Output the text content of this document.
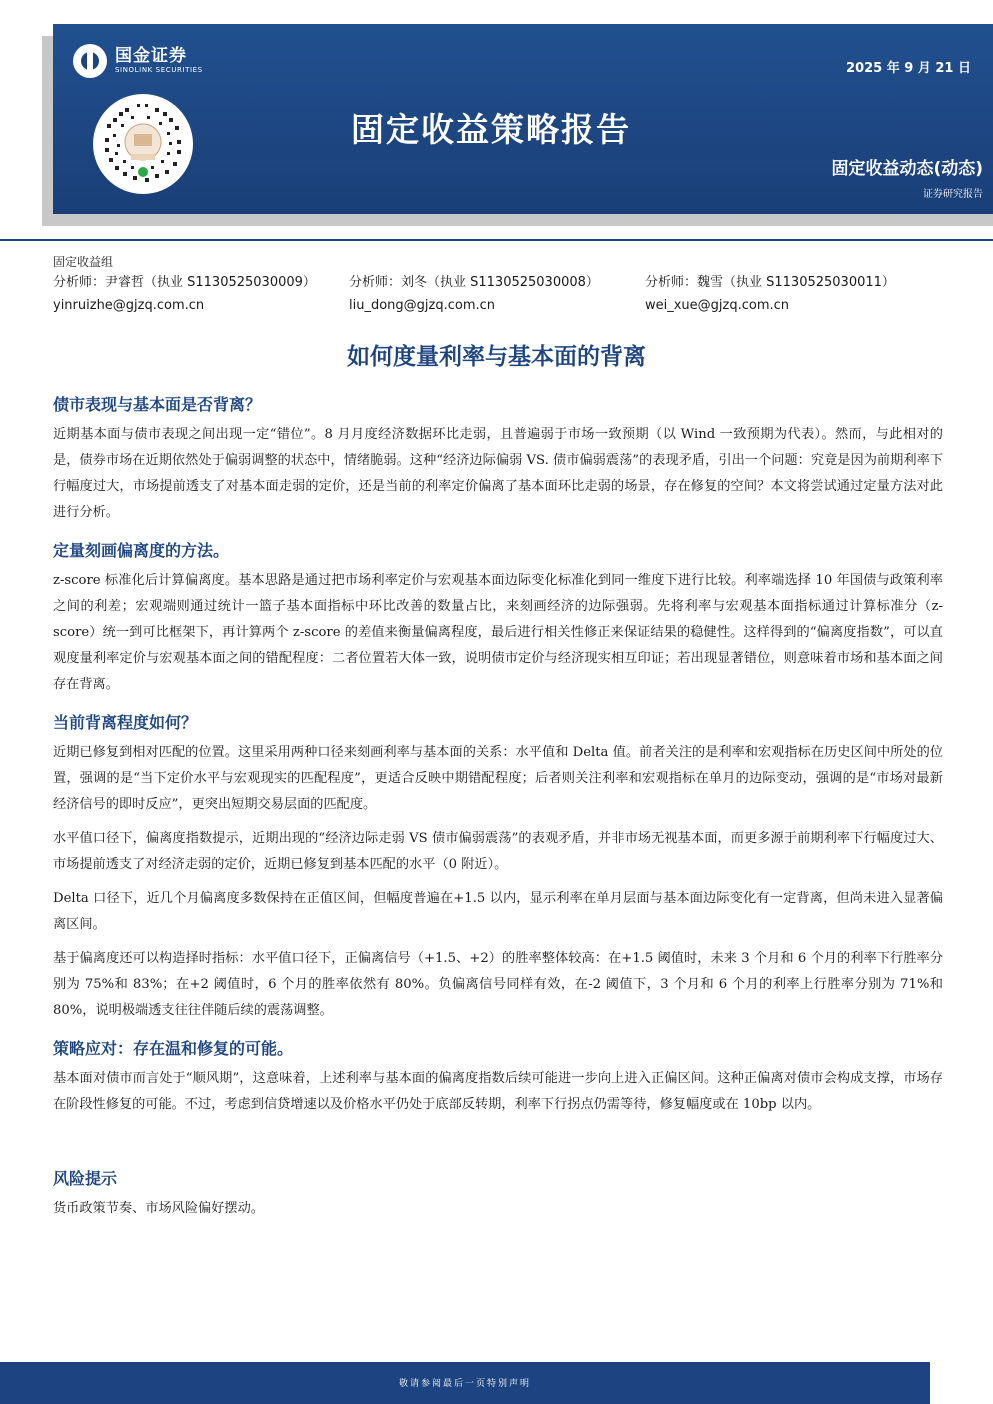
国金证券
SINOLINK SECURITIES	2025 年 9 月 21 日
固定收益策略报告
固定收益动态(动态)
证券研究报告
固定收益组
分析师：尹睿哲（执业 S1130525030009）
yinruizhe@gjzq.com.cn
分析师：刘冬（执业 S1130525030008）
liu_dong@gjzq.com.cn
分析师：魏雪（执业 S1130525030011）
wei_xue@gjzq.com.cn
如何度量利率与基本面的背离
债市表现与基本面是否背离？

近期基本面与债市表现之间出现一定“错位”。8 月月度经济数据环比走弱，且普遍弱于市场一致预期（以 Wind 一致预期为代表）。然而，与此相对的是，债券市场在近期依然处于偏弱调整的状态中，情绪脆弱。这种“经济边际偏弱 VS. 债市偏弱震荡”的表现矛盾，引出一个问题：究竟是因为前期利率下行幅度过大，市场提前透支了对基本面走弱的定价，还是当前的利率定价偏离了基本面环比走弱的场景，存在修复的空间？本文将尝试通过定量方法对此进行分析。

定量刻画偏离度的方法。

z-score 标准化后计算偏离度。基本思路是通过把市场利率定价与宏观基本面边际变化标准化到同一维度下进行比较。利率端选择 10 年国债与政策利率之间的利差；宏观端则通过统计一篮子基本面指标中环比改善的数量占比，来刻画经济的边际强弱。先将利率与宏观基本面指标通过计算标准分（z-score）统一到可比框架下，再计算两个 z-score 的差值来衡量偏离程度，最后进行相关性修正来保证结果的稳健性。这样得到的“偏离度指数”，可以直观度量利率定价与宏观基本面之间的错配程度：二者位置若大体一致，说明债市定价与经济现实相互印证；若出现显著错位，则意味着市场和基本面之间存在背离。

当前背离程度如何？

近期已修复到相对匹配的位置。这里采用两种口径来刻画利率与基本面的关系：水平值和 Delta 值。前者关注的是利率和宏观指标在历史区间中所处的位置，强调的是“当下定价水平与宏观现实的匹配程度”，更适合反映中期错配程度；后者则关注利率和宏观指标在单月的边际变动，强调的是“市场对最新经济信号的即时反应”，更突出短期交易层面的匹配度。

水平值口径下，偏离度指数提示，近期出现的“经济边际走弱 VS 债市偏弱震荡”的表观矛盾，并非市场无视基本面，而更多源于前期利率下行幅度过大、市场提前透支了对经济走弱的定价，近期已修复到基本匹配的水平（0 附近）。

Delta 口径下，近几个月偏离度多数保持在正值区间，但幅度普遍在+1.5 以内，显示利率在单月层面与基本面边际变化有一定背离，但尚未进入显著偏离区间。

基于偏离度还可以构造择时指标：水平值口径下，正偏离信号（+1.5、+2）的胜率整体较高：在+1.5 阈值时，未来 3 个月和 6 个月的利率下行胜率分别为 75%和 83%；在+2 阈值时，6 个月的胜率依然有 80%。负偏离信号同样有效，在-2 阈值下，3 个月和 6 个月的利率上行胜率分别为 71%和 80%，说明极端透支往往伴随后续的震荡调整。

策略应对：存在温和修复的可能。

基本面对债市而言处于“顺风期”，这意味着，上述利率与基本面的偏离度指数后续可能进一步向上进入正偏区间。这种正偏离对债市会构成支撑，市场存在阶段性修复的可能。不过，考虑到信贷增速以及价格水平仍处于底部反转期，利率下行拐点仍需等待，修复幅度或在 10bp 以内。

风险提示

货币政策节奏、市场风险偏好摆动。

敬请参阅最后一页特别声明
